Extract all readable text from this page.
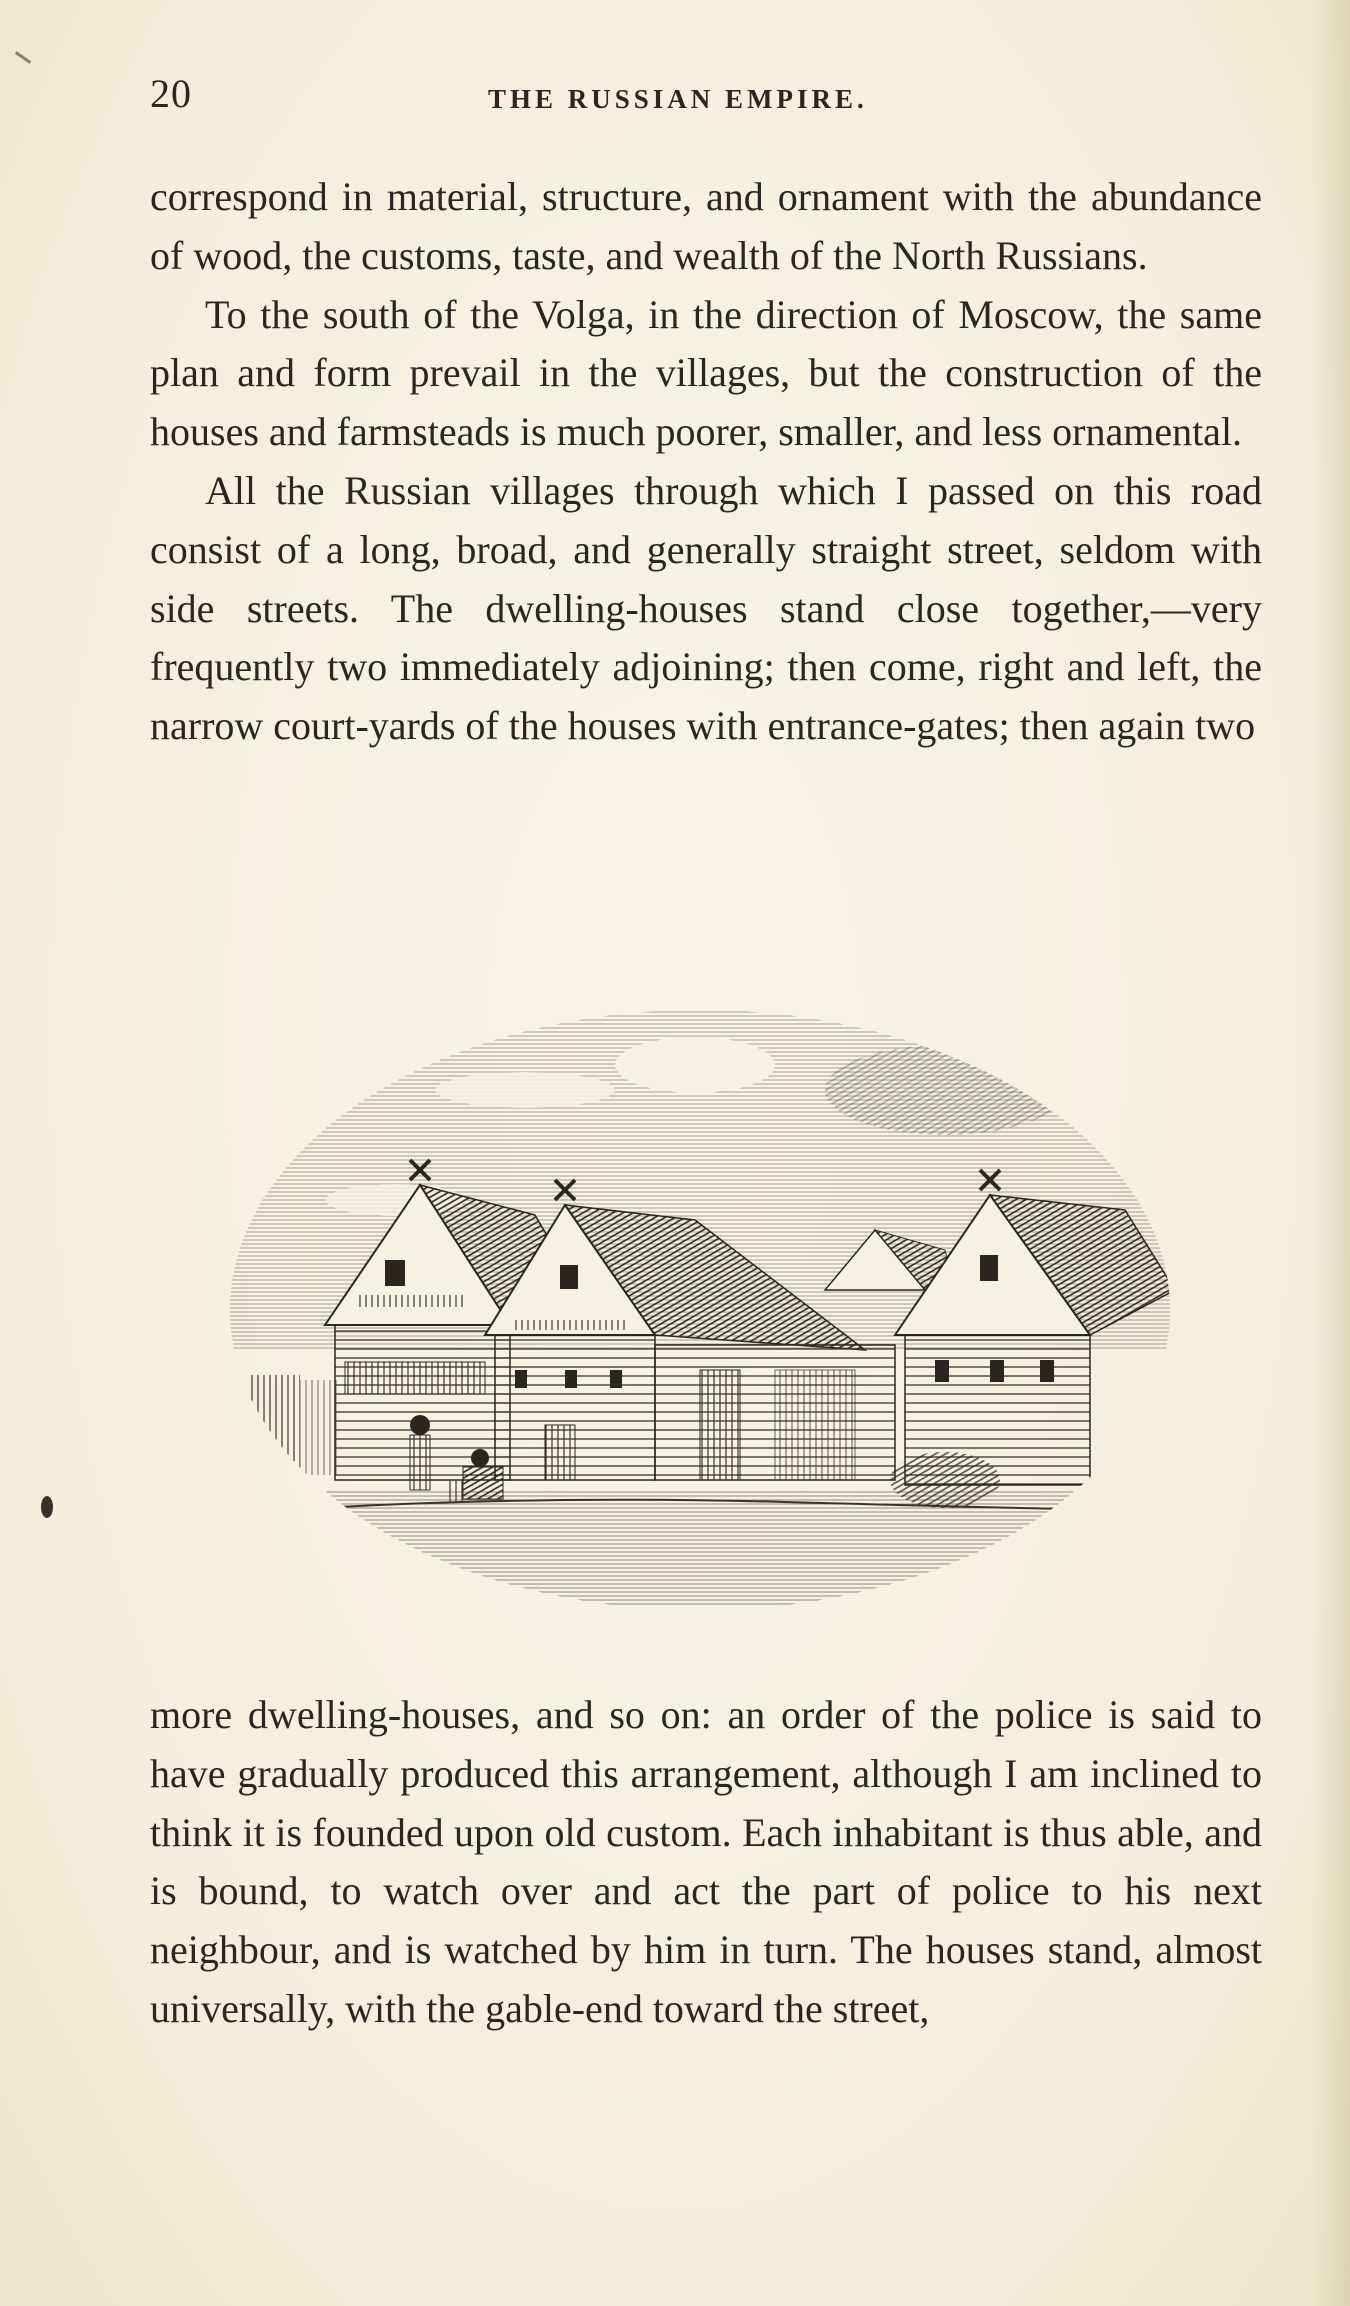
20	THE RUSSIAN EMPIRE.

correspond in material, structure, and ornament with the abundance of wood, the customs, taste, and wealth of the North Russians.

To the south of the Volga, in the direction of Moscow, the same plan and form prevail in the villages, but the construction of the houses and farmsteads is much poorer, smaller, and less ornamental.

All the Russian villages through which I passed on this road consist of a long, broad, and generally straight street, seldom with side streets. The dwelling-houses stand close together,—very frequently two immediately adjoining; then come, right and left, the narrow court-yards of the houses with entrance-gates; then again two

more dwelling-houses, and so on: an order of the police is said to have gradually produced this arrangement, although I am inclined to think it is founded upon old custom. Each inhabitant is thus able, and is bound, to watch over and act the part of police to his next neighbour, and is watched by him in turn. The houses stand, almost universally, with the gable-end toward the street,
